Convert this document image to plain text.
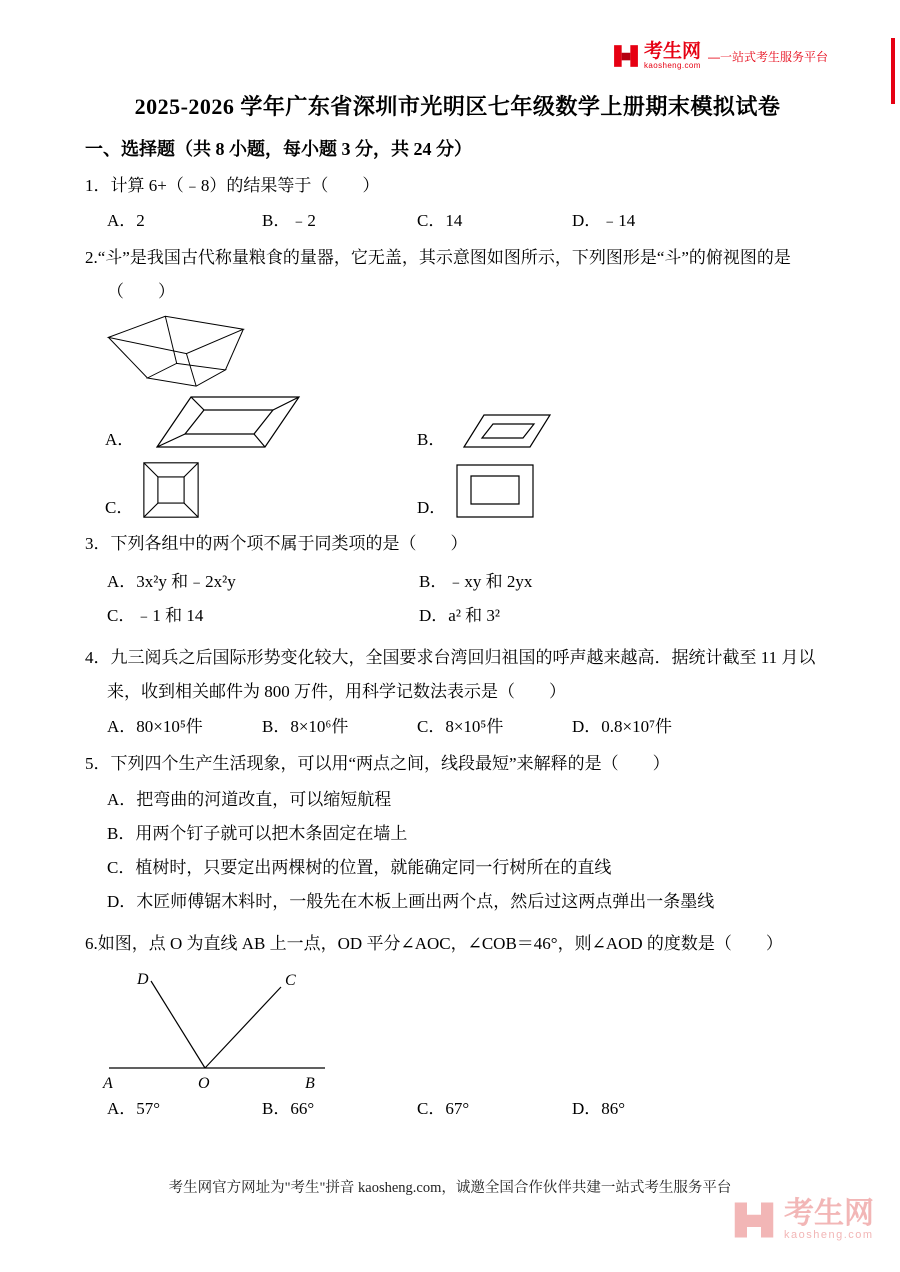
考生网
kaosheng.com
—一站式考生服务平台
2025-2026 学年广东省深圳市光明区七年级数学上册期末模拟试卷
一、选择题（共 8 小题，每小题 3 分，共 24 分）
1．计算 6+（﹣8）的结果等于（　　）
A．2	B．﹣2	C．14	D．﹣14
2.“斗”是我国古代称量粮食的量器，它无盖，其示意图如图所示，下列图形是“斗”的俯视图的是（　　）
A．	B．
C．	D．
3．下列各组中的两个项不属于同类项的是（　　）
A．3x²y 和﹣2x²y	B．﹣xy 和 2yx
C．﹣1 和 14	D．a² 和 3²
4．九三阅兵之后国际形势变化较大，全国要求台湾回归祖国的呼声越来越高．据统计截至 11 月以来，收到相关邮件为 800 万件，用科学记数法表示是（　　）
A．80×10⁵件	B．8×10⁶件	C．8×10⁵件	D．0.8×10⁷件
5．下列四个生产生活现象，可以用“两点之间，线段最短”来解释的是（　　）
A．把弯曲的河道改直，可以缩短航程
B．用两个钉子就可以把木条固定在墙上
C．植树时，只要定出两棵树的位置，就能确定同一行树所在的直线
D．木匠师傅锯木料时，一般先在木板上画出两个点，然后过这两点弹出一条墨线
6.如图，点 O 为直线 AB 上一点，OD 平分∠AOC，∠COB＝46°，则∠AOD 的度数是（　　）
D	C
A	O	B
A．57°	B．66°	C．67°	D．86°
考生网官方网址为"考生"拼音 kaosheng.com，诚邀全国合作伙伴共建一站式考生服务平台
考生网
kaosheng.com
